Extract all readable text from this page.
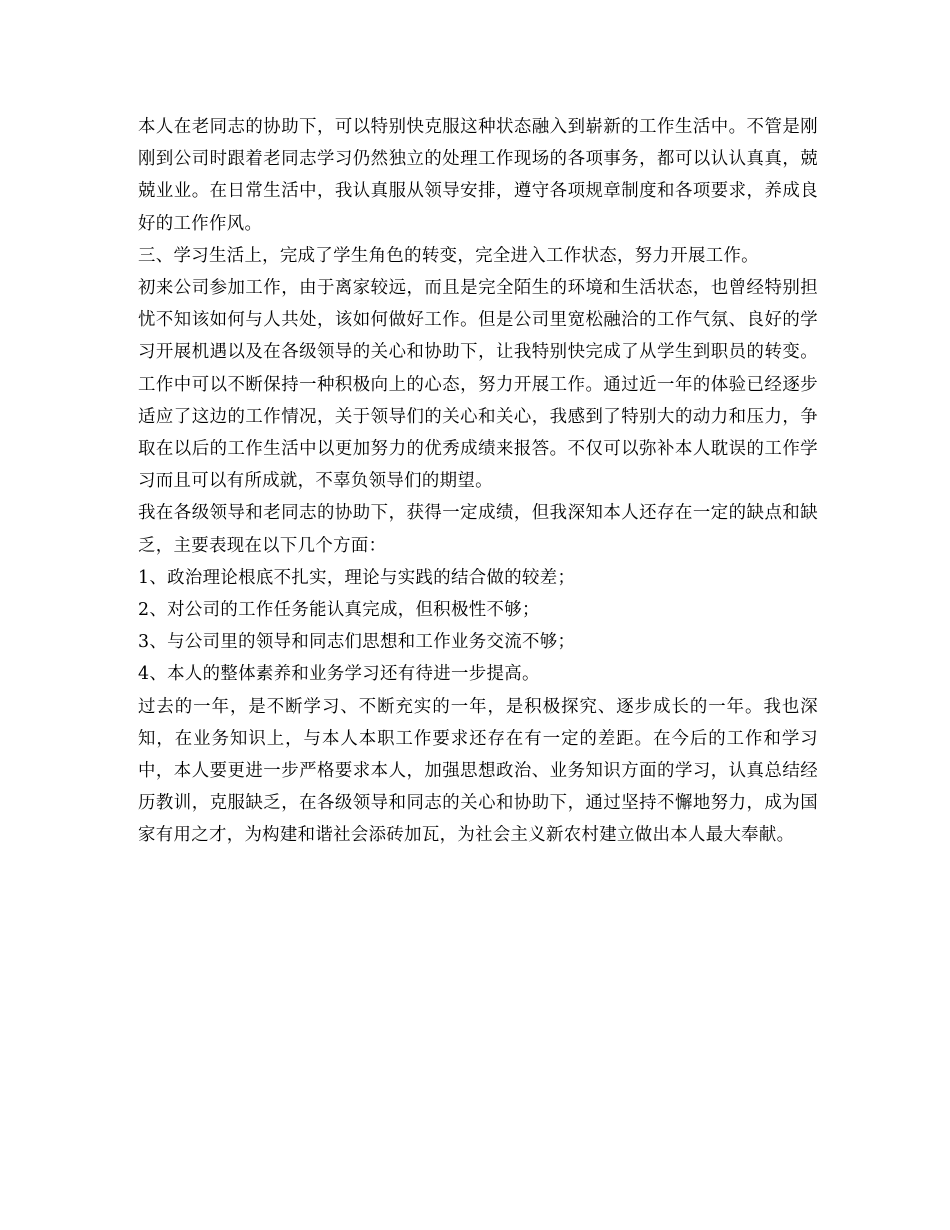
本人在老同志的协助下，可以特别快克服这种状态融入到崭新的工作生活中。不管是刚刚到公司时跟着老同志学习仍然独立的处理工作现场的各项事务，都可以认认真真，兢兢业业。在日常生活中，我认真服从领导安排，遵守各项规章制度和各项要求，养成良好的工作作风。

三、学习生活上，完成了学生角色的转变，完全进入工作状态，努力开展工作。

初来公司参加工作，由于离家较远，而且是完全陌生的环境和生活状态，也曾经特别担忧不知该如何与人共处，该如何做好工作。但是公司里宽松融洽的工作气氛、良好的学习开展机遇以及在各级领导的关心和协助下，让我特别快完成了从学生到职员的转变。工作中可以不断保持一种积极向上的心态，努力开展工作。通过近一年的体验已经逐步适应了这边的工作情况，关于领导们的关心和关心，我感到了特别大的动力和压力，争取在以后的工作生活中以更加努力的优秀成绩来报答。不仅可以弥补本人耽误的工作学习而且可以有所成就，不辜负领导们的期望。

我在各级领导和老同志的协助下，获得一定成绩，但我深知本人还存在一定的缺点和缺乏，主要表现在以下几个方面：

1、政治理论根底不扎实，理论与实践的结合做的较差；

2、对公司的工作任务能认真完成，但积极性不够；

3、与公司里的领导和同志们思想和工作业务交流不够；

4、本人的整体素养和业务学习还有待进一步提高。

过去的一年，是不断学习、不断充实的一年，是积极探究、逐步成长的一年。我也深知，在业务知识上，与本人本职工作要求还存在有一定的差距。在今后的工作和学习中，本人要更进一步严格要求本人，加强思想政治、业务知识方面的学习，认真总结经历教训，克服缺乏，在各级领导和同志的关心和协助下，通过坚持不懈地努力，成为国家有用之才，为构建和谐社会添砖加瓦，为社会主义新农村建立做出本人最大奉献。
